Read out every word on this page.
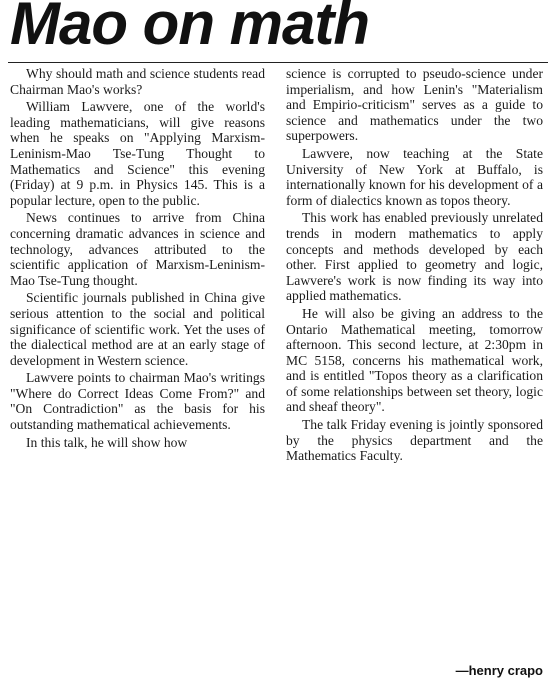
Mao on math

Why should math and science students read Chairman Mao's works?

William Lawvere, one of the world's leading mathematicians, will give reasons when he speaks on "Applying Marxism-Leninism-Mao Tse-Tung Thought to Mathematics and Science" this evening (Friday) at 9 p.m. in Physics 145. This is a popular lecture, open to the public.

News continues to arrive from China concerning dramatic advances in science and technology, advances attributed to the scientific application of Marxism-Leninism-Mao Tse-Tung thought.

Scientific journals published in China give serious attention to the social and political significance of scientific work. Yet the uses of the dialectical method are at an early stage of development in Western science.

Lawvere points to chairman Mao's writings "Where do Correct Ideas Come From?" and "On Contradiction" as the basis for his outstanding mathematical achievements.

In this talk, he will show how

science is corrupted to pseudo-science under imperialism, and how Lenin's "Materialism and Empirio-criticism" serves as a guide to science and mathematics under the two superpowers.

Lawvere, now teaching at the State University of New York at Buffalo, is internationally known for his development of a form of dialectics known as topos theory.

This work has enabled previously unrelated trends in modern mathematics to apply concepts and methods developed by each other. First applied to geometry and logic, Lawvere's work is now finding its way into applied mathematics.

He will also be giving an address to the Ontario Mathematical meeting, tomorrow afternoon. This second lecture, at 2:30pm in MC 5158, concerns his mathematical work, and is entitled "Topos theory as a clarification of some relationships between set theory, logic and sheaf theory".

The talk Friday evening is jointly sponsored by the physics department and the Mathematics Faculty.

—henry crapo
